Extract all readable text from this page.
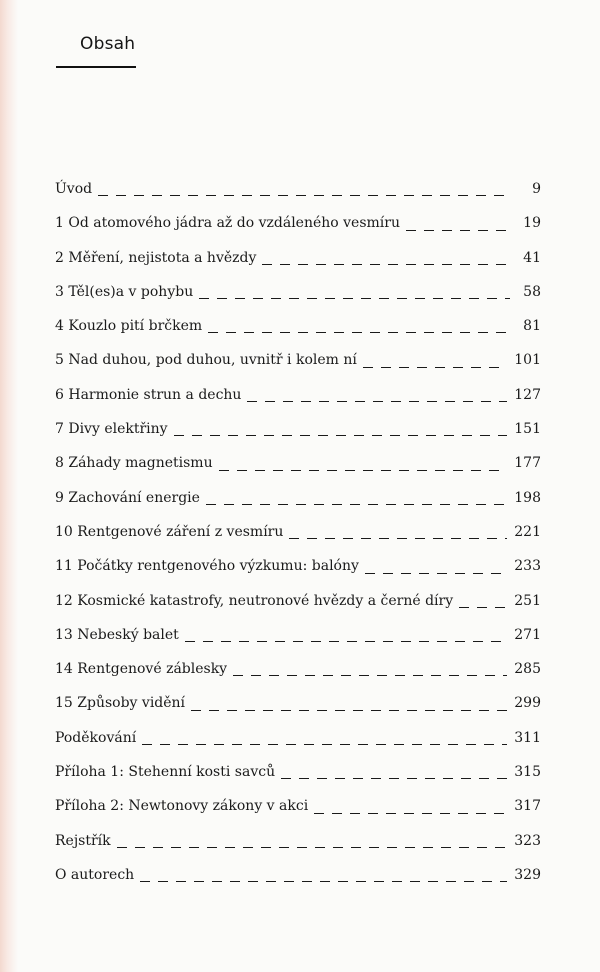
Obsah
Úvod	9
1 Od atomového jádra až do vzdáleného vesmíru	19
2 Měření, nejistota a hvězdy	41
3 Těl(es)a v pohybu	58
4 Kouzlo pití brčkem	81
5 Nad duhou, pod duhou, uvnitř i kolem ní	101
6 Harmonie strun a dechu	127
7 Divy elektřiny	151
8 Záhady magnetismu	177
9 Zachování energie	198
10 Rentgenové záření z vesmíru	221
11 Počátky rentgenového výzkumu: balóny	233
12 Kosmické katastrofy, neutronové hvězdy a černé díry	251
13 Nebeský balet	271
14 Rentgenové záblesky	285
15 Způsoby vidění	299
Poděkování	311
Příloha 1: Stehenní kosti savců	315
Příloha 2: Newtonovy zákony v akci	317
Rejstřík	323
O autorech	329
